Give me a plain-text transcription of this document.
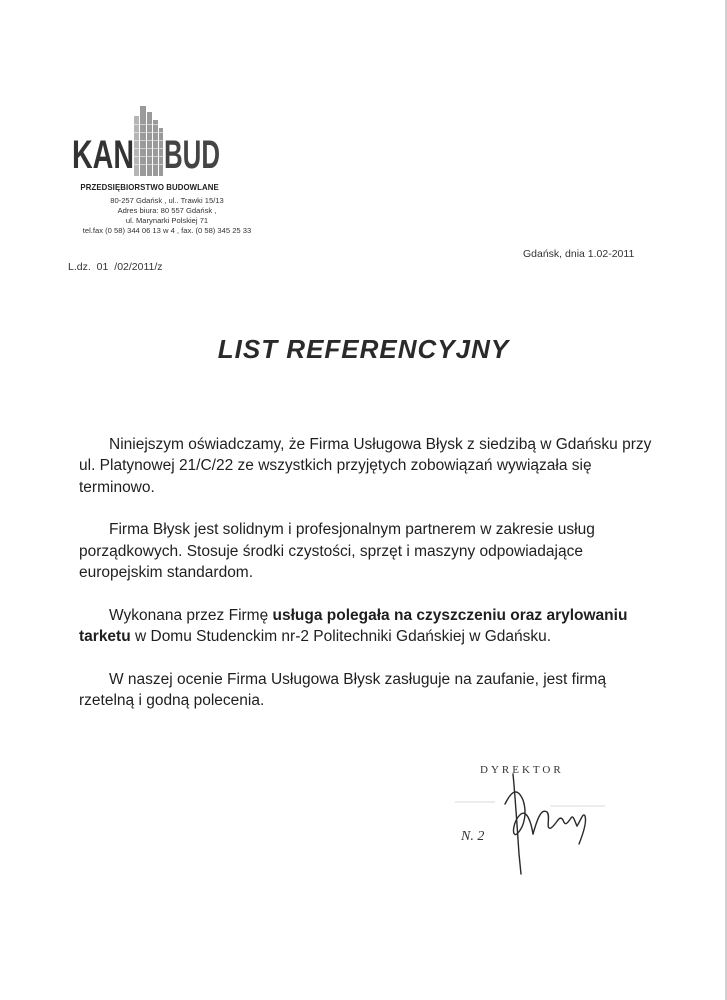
KAN BUD
PRZEDSIĘBIORSTWO BUDOWLANE
80-257 Gdańsk , ul.. Trawki 15/13
Adres biura: 80 557 Gdańsk ,
ul. Marynarki Polskiej 71
tel.fax (0 58) 344 06 13 w 4 , fax. (0 58) 345 25 33
Gdańsk, dnia 1.02-2011
L.dz. 01 /02/2011/z
LIST REFERENCYJNY

Niniejszym oświadczamy, że Firma Usługowa Błysk z siedzibą w Gdańsku przy ul. Platynowej 21/C/22 ze wszystkich przyjętych zobowiązań wywiązała się terminowo.

Firma Błysk jest solidnym i profesjonalnym partnerem w zakresie usług porządkowych. Stosuje środki czystości, sprzęt i maszyny odpowiadające europejskim standardom.

Wykonana przez Firmę usługa polegała na czyszczeniu oraz arylowaniu tarketu w Domu Studenckim nr-2 Politechniki Gdańskiej w Gdańsku.

W naszej ocenie Firma Usługowa Błysk zasługuje na zaufanie, jest firmą rzetelną i godną polecenia.

DYREKTOR
N. 2
